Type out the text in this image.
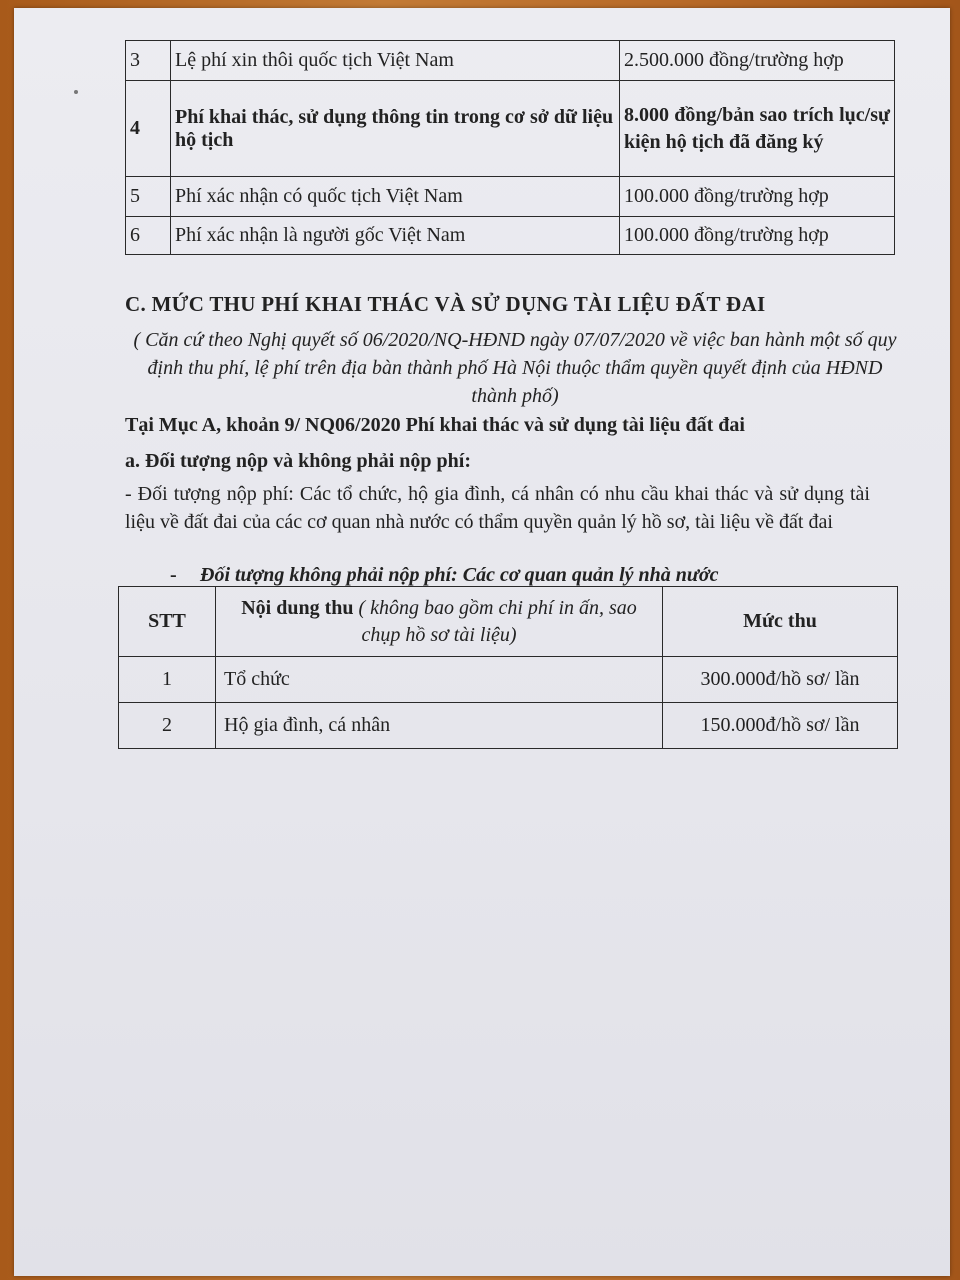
3	Lệ phí xin thôi quốc tịch Việt Nam	2.500.000 đồng/trường hợp
4	Phí khai thác, sử dụng thông tin trong cơ sở dữ liệu hộ tịch	8.000 đồng/bản sao trích lục/sự kiện hộ tịch đã đăng ký
5	Phí xác nhận có quốc tịch Việt Nam	100.000 đồng/trường hợp
6	Phí xác nhận là người gốc Việt Nam	100.000 đồng/trường hợp
C. MỨC THU PHÍ KHAI THÁC VÀ SỬ DỤNG TÀI LIỆU ĐẤT ĐAI
( Căn cứ theo Nghị quyết số 06/2020/NQ-HĐND ngày 07/07/2020 về việc ban hành một số quy định thu phí, lệ phí trên địa bàn thành phố Hà Nội thuộc thẩm quyền quyết định của HĐND thành phố)
Tại Mục A, khoản 9/ NQ06/2020 Phí khai thác và sử dụng tài liệu đất đai
a. Đối tượng nộp và không phải nộp phí:
- Đối tượng nộp phí: Các tổ chức, hộ gia đình, cá nhân có nhu cầu khai thác và sử dụng tài liệu về đất đai của các cơ quan nhà nước có thẩm quyền quản lý hồ sơ, tài liệu về đất đai
- Đối tượng không phải nộp phí: Các cơ quan quản lý nhà nước
STT	Nội dung thu ( không bao gồm chi phí in ấn, sao chụp hồ sơ tài liệu)	Mức thu
1	Tổ chức	300.000đ/hồ sơ/ lần
2	Hộ gia đình, cá nhân	150.000đ/hồ sơ/ lần
